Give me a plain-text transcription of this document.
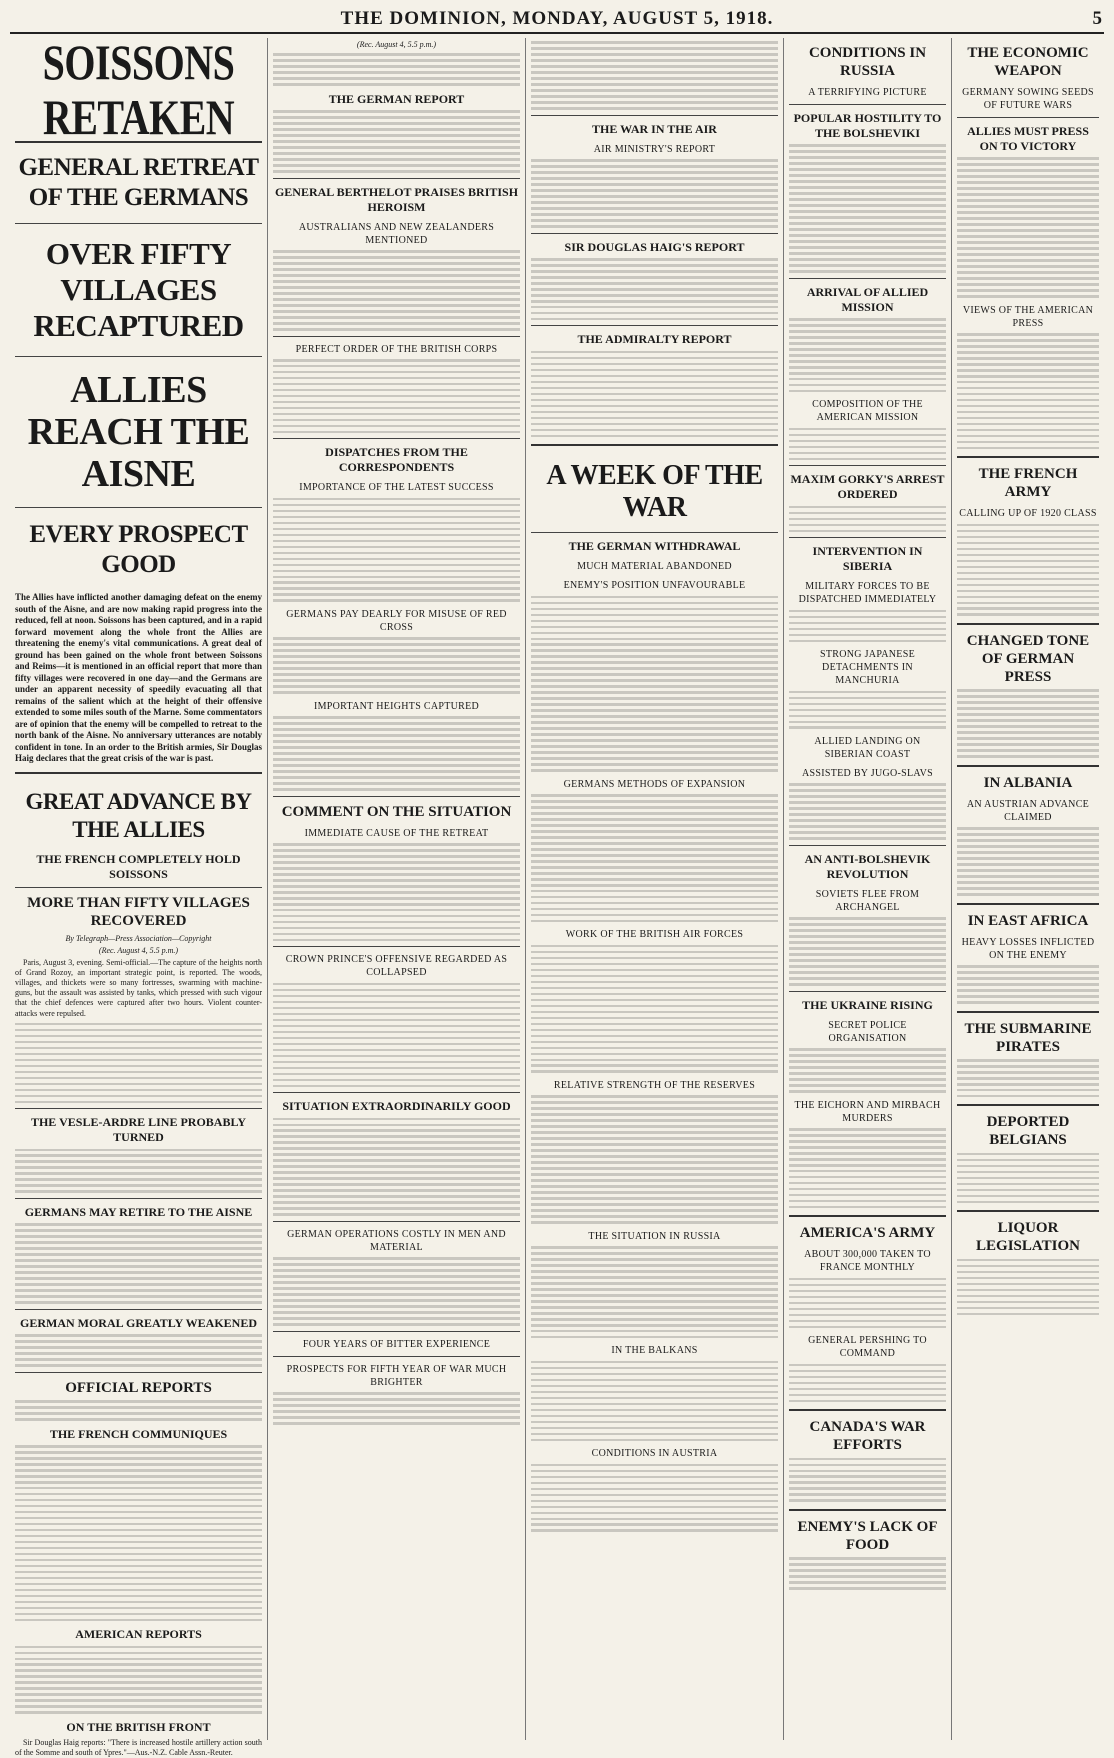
THE DOMINION, MONDAY, AUGUST 5, 1918.	5
SOISSONS RETAKEN
GENERAL RETREAT OF THE GERMANS
OVER FIFTY VILLAGES RECAPTURED
ALLIES REACH THE AISNE
EVERY PROSPECT GOOD
The Allies have inflicted another damaging defeat on the enemy south of the Aisne, and are now making rapid progress into the reduced, fell at noon. Soissons has been captured, and in a rapid forward movement along the whole front the Allies are threatening the enemy's vital communications. A great deal of ground has been gained on the whole front between Soissons and Reims—it is mentioned in an official report that more than fifty villages were recovered in one day—and the Germans are under an apparent necessity of speedily evacuating all that remains of the salient which at the height of their offensive extended to some miles south of the Marne. Some commentators are of opinion that the enemy will be compelled to retreat to the north bank of the Aisne. No anniversary utterances are notably confident in tone. In an order to the British armies, Sir Douglas Haig declares that the great crisis of the war is past.
GREAT ADVANCE BY THE ALLIES
THE FRENCH COMPLETELY HOLD SOISSONS
MORE THAN FIFTY VILLAGES RECOVERED
By Telegraph—Press Association—Copyright
(Rec. August 4, 5.5 p.m.)
Paris, August 3, evening. Semi-official.—The capture of the heights north of Grand Rozoy, an important strategic point, is reported. The woods, villages, and thickets were so many fortresses, swarming with machine-guns, but the assault was assisted by tanks, which pressed with such vigour that the chief defences were captured after two hours. Violent counter-attacks were repulsed.
THE VESLE-ARDRE LINE PROBABLY TURNED
GERMANS MAY RETIRE TO THE AISNE
GERMAN MORAL GREATLY WEAKENED
OFFICIAL REPORTS
THE FRENCH COMMUNIQUES
AMERICAN REPORTS
ON THE BRITISH FRONT
Sir Douglas Haig reports: "There is increased hostile artillery action south of the Somme and south of Ypres."—Aus.-N.Z. Cable Assn.-Reuter.
(Rec. August 4, 5.5 p.m.)
THE GERMAN REPORT
GENERAL BERTHELOT PRAISES BRITISH HEROISM
AUSTRALIANS AND NEW ZEALANDERS MENTIONED
PERFECT ORDER OF THE BRITISH CORPS
DISPATCHES FROM THE CORRESPONDENTS
IMPORTANCE OF THE LATEST SUCCESS
GERMANS PAY DEARLY FOR MISUSE OF RED CROSS
IMPORTANT HEIGHTS CAPTURED
COMMENT ON THE SITUATION
IMMEDIATE CAUSE OF THE RETREAT
CROWN PRINCE'S OFFENSIVE REGARDED AS COLLAPSED
SITUATION EXTRAORDINARILY GOOD
GERMAN OPERATIONS COSTLY IN MEN AND MATERIAL
FOUR YEARS OF BITTER EXPERIENCE
PROSPECTS FOR FIFTH YEAR OF WAR MUCH BRIGHTER
THE WAR IN THE AIR
AIR MINISTRY'S REPORT
SIR DOUGLAS HAIG'S REPORT
THE ADMIRALTY REPORT
A WEEK OF THE WAR
THE GERMAN WITHDRAWAL
MUCH MATERIAL ABANDONED
ENEMY'S POSITION UNFAVOURABLE
GERMANS METHODS OF EXPANSION
WORK OF THE BRITISH AIR FORCES
RELATIVE STRENGTH OF THE RESERVES
THE SITUATION IN RUSSIA
IN THE BALKANS
CONDITIONS IN AUSTRIA
CONDITIONS IN RUSSIA
A TERRIFYING PICTURE
POPULAR HOSTILITY TO THE BOLSHEVIKI
ARRIVAL OF ALLIED MISSION
COMPOSITION OF THE AMERICAN MISSION
MAXIM GORKY'S ARREST ORDERED
INTERVENTION IN SIBERIA
MILITARY FORCES TO BE DISPATCHED IMMEDIATELY
STRONG JAPANESE DETACHMENTS IN MANCHURIA
ALLIED LANDING ON SIBERIAN COAST
ASSISTED BY JUGO-SLAVS
AN ANTI-BOLSHEVIK REVOLUTION
SOVIETS FLEE FROM ARCHANGEL
THE UKRAINE RISING
SECRET POLICE ORGANISATION
THE EICHORN AND MIRBACH MURDERS
AMERICA'S ARMY
ABOUT 300,000 TAKEN TO FRANCE MONTHLY
GENERAL PERSHING TO COMMAND
CANADA'S WAR EFFORTS
ENEMY'S LACK OF FOOD
THE ECONOMIC WEAPON
GERMANY SOWING SEEDS OF FUTURE WARS
ALLIES MUST PRESS ON TO VICTORY
VIEWS OF THE AMERICAN PRESS
THE FRENCH ARMY
CALLING UP OF 1920 CLASS
CHANGED TONE OF GERMAN PRESS
IN ALBANIA
AN AUSTRIAN ADVANCE CLAIMED
IN EAST AFRICA
HEAVY LOSSES INFLICTED ON THE ENEMY
THE SUBMARINE PIRATES
DEPORTED BELGIANS
LIQUOR LEGISLATION
